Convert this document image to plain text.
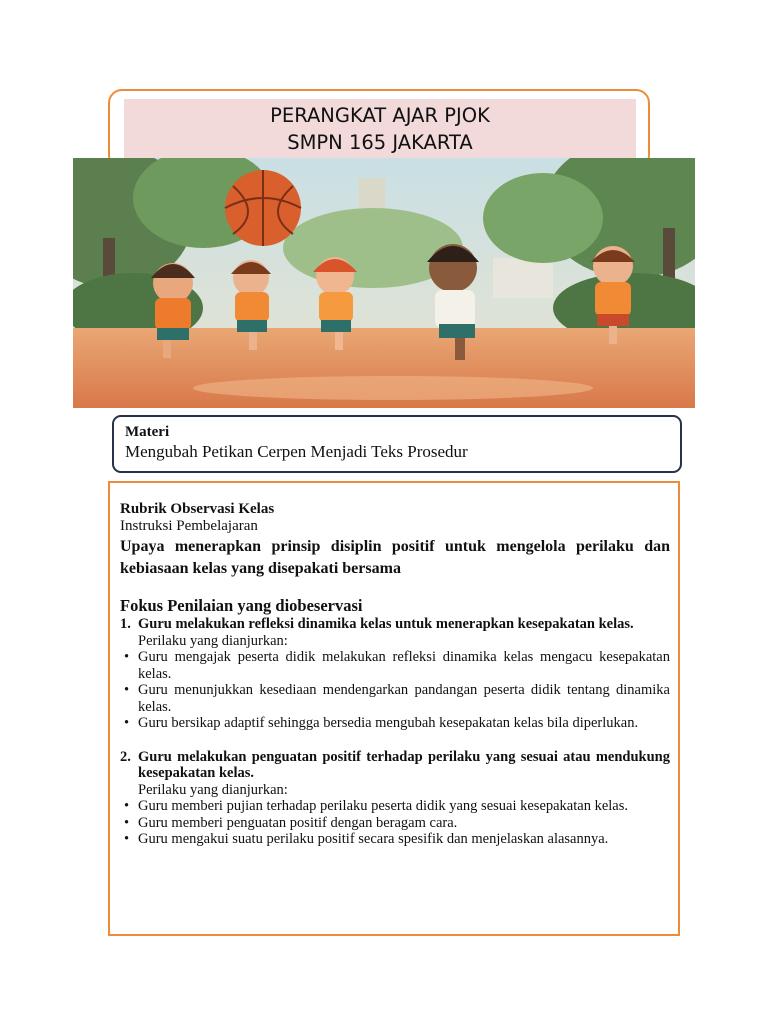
PERANGKAT AJAR PJOK
SMPN 165 JAKARTA
Materi
Mengubah Petikan Cerpen Menjadi Teks Prosedur
Rubrik Observasi Kelas
Instruksi Pembelajaran
Upaya menerapkan prinsip disiplin positif untuk mengelola perilaku dan kebiasaan kelas yang disepakati bersama
Fokus Penilaian yang diobeservasi
1. Guru melakukan refleksi dinamika kelas untuk menerapkan kesepakatan kelas.
Perilaku yang dianjurkan:
• Guru mengajak peserta didik melakukan refleksi dinamika kelas mengacu kesepakatan kelas.
• Guru menunjukkan kesediaan mendengarkan pandangan peserta didik tentang dinamika kelas.
• Guru bersikap adaptif sehingga bersedia mengubah kesepakatan kelas bila diperlukan.
2. Guru melakukan penguatan positif terhadap perilaku yang sesuai atau mendukung kesepakatan kelas.
Perilaku yang dianjurkan:
• Guru memberi pujian terhadap perilaku peserta didik yang sesuai kesepakatan kelas.
• Guru memberi penguatan positif dengan beragam cara.
• Guru mengakui suatu perilaku positif secara spesifik dan menjelaskan alasannya.
